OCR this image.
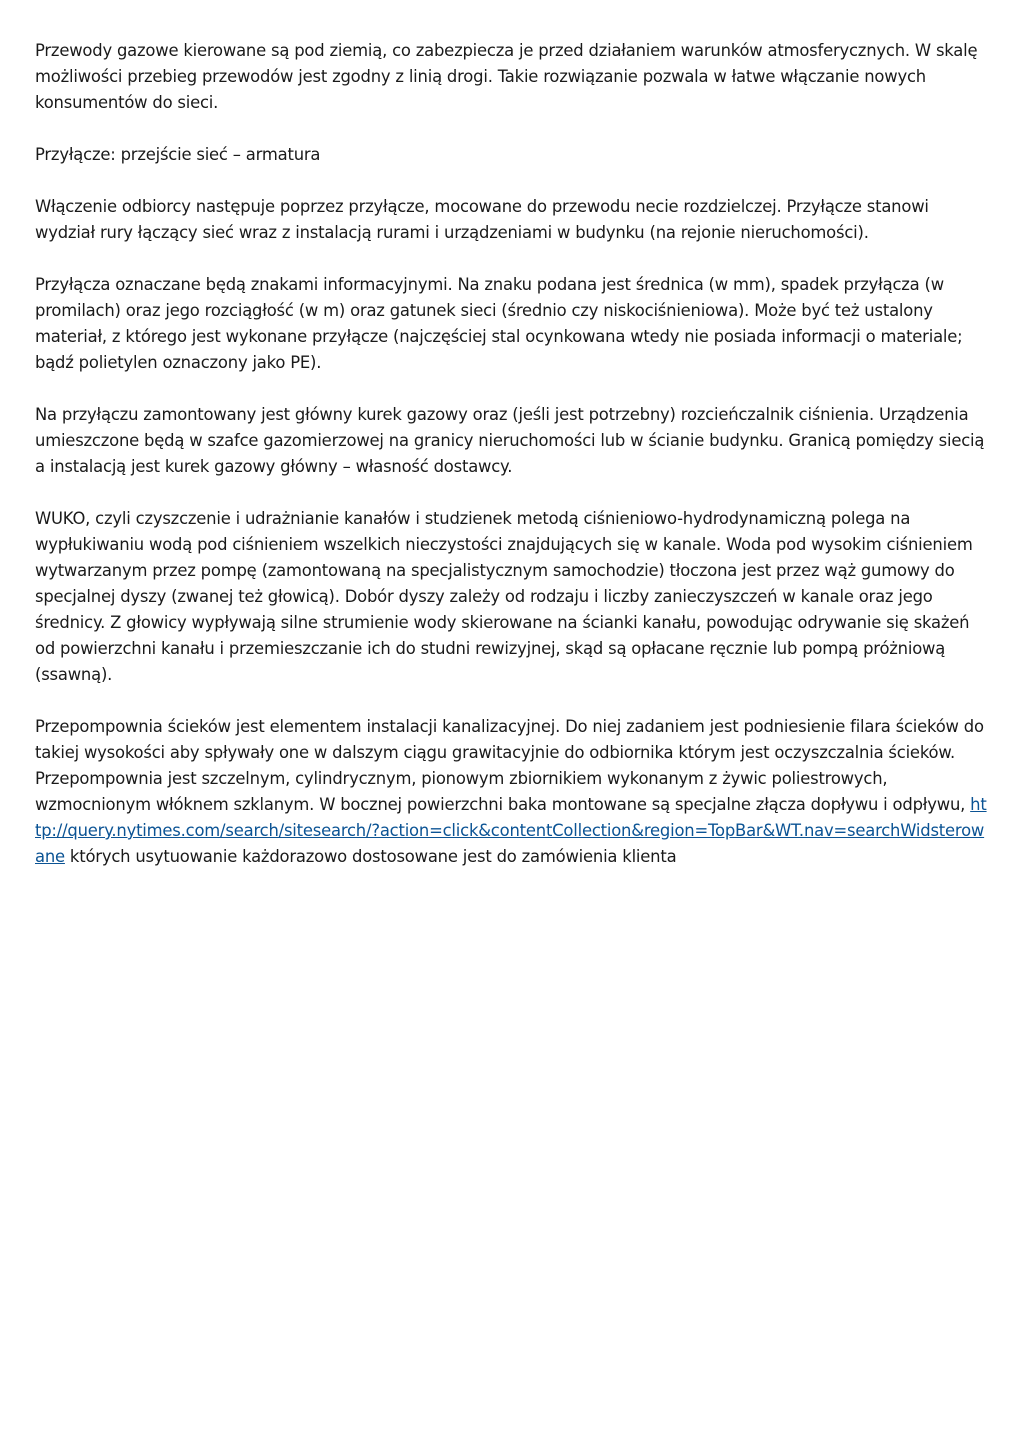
Przewody gazowe kierowane są pod ziemią, co zabezpiecza je przed działaniem warunków atmosferycznych. W skalę możliwości przebieg przewodów jest zgodny z linią drogi. Takie rozwiązanie pozwala w łatwe włączanie nowych konsumentów do sieci.

Przyłącze: przejście sieć – armatura

Włączenie odbiorcy następuje poprzez przyłącze, mocowane do przewodu necie rozdzielczej. Przyłącze stanowi wydział rury łączący sieć wraz z instalacją rurami i urządzeniami w budynku (na rejonie nieruchomości).

Przyłącza oznaczane będą znakami informacyjnymi. Na znaku podana jest średnica (w mm), spadek przyłącza (w promilach) oraz jego rozciągłość (w m) oraz gatunek sieci (średnio czy niskociśnieniowa). Może być też ustalony materiał, z którego jest wykonane przyłącze (najczęściej stal ocynkowana wtedy nie posiada informacji o materiale; bądź polietylen oznaczony jako PE).

Na przyłączu zamontowany jest główny kurek gazowy oraz (jeśli jest potrzebny) rozcieńczalnik ciśnienia. Urządzenia umieszczone będą w szafce gazomierzowej na granicy nieruchomości lub w ścianie budynku. Granicą pomiędzy siecią a instalacją jest kurek gazowy główny – własność dostawcy.

WUKO, czyli czyszczenie i udrażnianie kanałów i studzienek metodą ciśnieniowo-hydrodynamiczną polega na wypłukiwaniu wodą pod ciśnieniem wszelkich nieczystości znajdujących się w kanale. Woda pod wysokim ciśnieniem wytwarzanym przez pompę (zamontowaną na specjalistycznym samochodzie) tłoczona jest przez wąż gumowy do specjalnej dyszy (zwanej też głowicą). Dobór dyszy zależy od rodzaju i liczby zanieczyszczeń w kanale oraz jego średnicy. Z głowicy wypływają silne strumienie wody skierowane na ścianki kanału, powodując odrywanie się skażeń od powierzchni kanału i przemieszczanie ich do studni rewizyjnej, skąd są opłacane ręcznie lub pompą próżniową (ssawną).

Przepompownia ścieków jest elementem instalacji kanalizacyjnej. Do niej zadaniem jest podniesienie filara ścieków do takiej wysokości aby spływały one w dalszym ciągu grawitacyjnie do odbiornika którym jest oczyszczalnia ścieków. Przepompownia jest szczelnym, cylindrycznym, pionowym zbiornikiem wykonanym z żywic poliestrowych, wzmocnionym włóknem szklanym. W bocznej powierzchni baka montowane są specjalne złącza dopływu i odpływu, http://query.nytimes.com/search/sitesearch/?action=click&contentCollection&region=TopBar&WT.nav=searchWidsterowane których usytuowanie każdorazowo dostosowane jest do zamówienia klienta
